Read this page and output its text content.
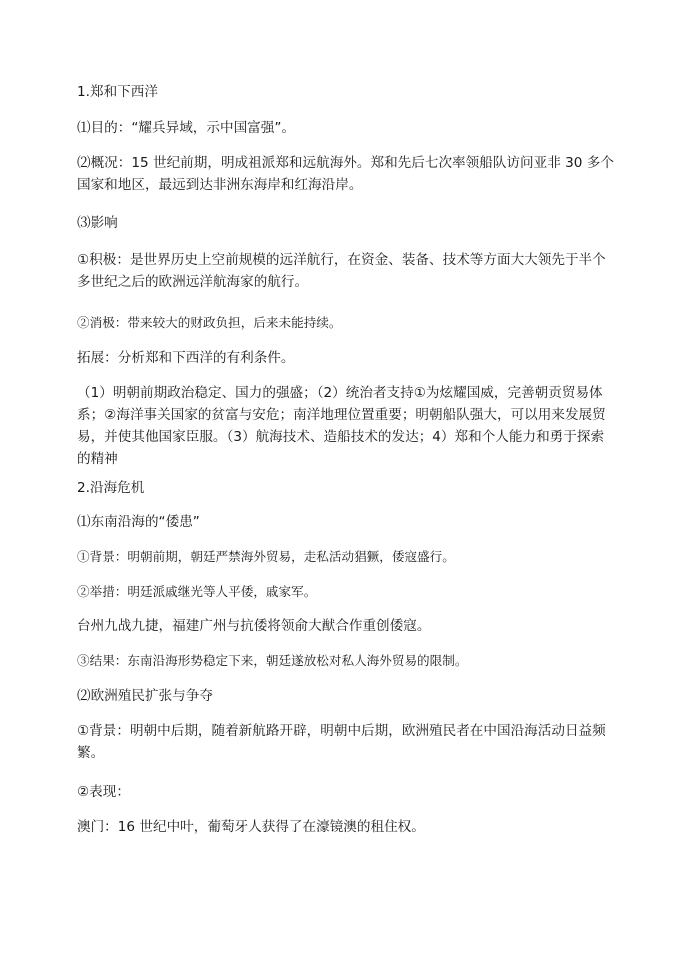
1.郑和下西洋

⑴目的：“耀兵异域，示中国富强”。

⑵概况：15 世纪前期，明成祖派郑和远航海外。郑和先后七次率领船队访问亚非 30 多个国家和地区，最远到达非洲东海岸和红海沿岸。

⑶影响

①积极：是世界历史上空前规模的远洋航行，在资金、装备、技术等方面大大领先于半个多世纪之后的欧洲远洋航海家的航行。

②消极：带来较大的财政负担，后来未能持续。

拓展：分析郑和下西洋的有利条件。

（1）明朝前期政治稳定、国力的强盛；（2）统治者支持①为炫耀国威，完善朝贡贸易体系；②海洋事关国家的贫富与安危；南洋地理位置重要；明朝船队强大，可以用来发展贸易，并使其他国家臣服。（3）航海技术、造船技术的发达；4）郑和个人能力和勇于探索的精神

2.沿海危机

⑴东南沿海的“倭患”

①背景：明朝前期，朝廷严禁海外贸易，走私活动猖獗，倭寇盛行。

②举措：明廷派戚继光等人平倭，戚家军。

台州九战九捷，福建广州与抗倭将领俞大猷合作重创倭寇。

③结果：东南沿海形势稳定下来，朝廷遂放松对私人海外贸易的限制。

⑵欧洲殖民扩张与争夺

①背景：明朝中后期，随着新航路开辟，明朝中后期，欧洲殖民者在中国沿海活动日益频繁。

②表现：

澳门：16 世纪中叶，葡萄牙人获得了在濠镜澳的租住权。
